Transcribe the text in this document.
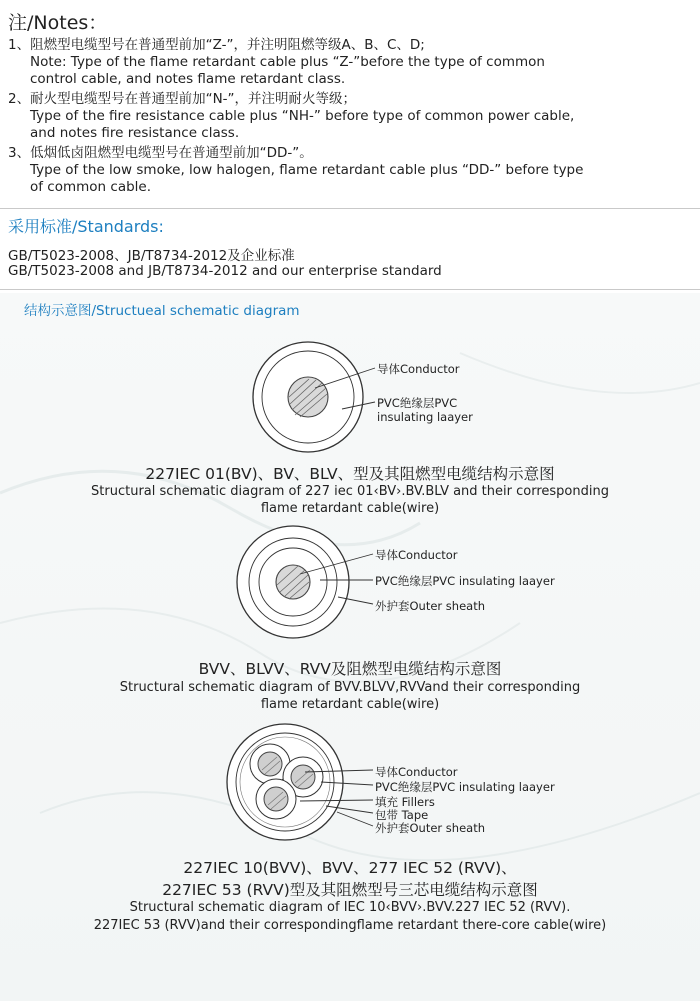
注/Notes：
1、阻燃型电缆型号在普通型前加“Z-”，并注明阻燃等级A、B、C、D;
Note: Type of the flame retardant cable plus “Z-”before the type of common
control cable, and notes flame retardant class.
2、耐火型电缆型号在普通型前加“N-”，并注明耐火等级；
Type of the fire resistance cable plus “NH-” before type of common power cable,
and notes fire resistance class.
3、低烟低卤阻燃型电缆型号在普通型前加“DD-”。
Type of the low smoke, low halogen, flame retardant cable plus “DD-” before type
of common cable.
采用标准/Standards:
GB/T5023-2008、JB/T8734-2012及企业标准
GB/T5023-2008 and JB/T8734-2012 and our enterprise standard
结构示意图/Structueal schematic diagram
导体Conductor
PVC绝缘层PVC
insulating laayer
227IEC 01(BV)、BV、BLV、型及其阻燃型电缆结构示意图
Structural schematic diagram of 227 iec 01‹BV›.BV.BLV and their corresponding
flame retardant cable(wire)
导体Conductor
PVC绝缘层PVC insulating laayer
外护套Outer sheath
BVV、BLVV、RVV及阻燃型电缆结构示意图
Structural schematic diagram of BVV.BLVV,RVVand their corresponding
flame retardant cable(wire)
导体Conductor
PVC绝缘层PVC insulating laayer
填充 Fillers
包带 Tape
外护套Outer sheath
227IEC 10(BVV)、BVV、277 IEC 52 (RVV)、
227IEC 53 (RVV)型及其阻燃型号三芯电缆结构示意图
Structural schematic diagram of IEC 10‹BVV›.BVV.227 IEC 52 (RVV).
227IEC 53 (RVV)and their correspondingflame retardant there-core cable(wire)
